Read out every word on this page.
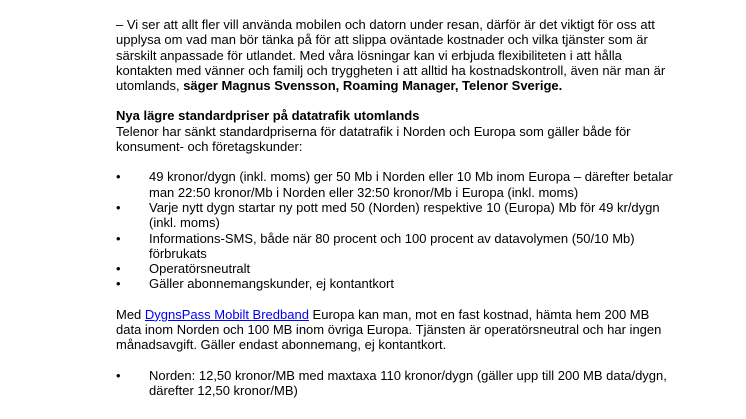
– Vi ser att allt fler vill använda mobilen och datorn under resan, därför är det viktigt för oss att upplysa om vad man bör tänka på för att slippa oväntade kostnader och vilka tjänster som är särskilt anpassade för utlandet. Med våra lösningar kan vi erbjuda flexibiliteten i att hålla kontakten med vänner och familj och tryggheten i att alltid ha kostnadskontroll, även när man är utomlands, säger Magnus Svensson, Roaming Manager, Telenor Sverige.

Nya lägre standardpriser på datatrafik utomlands

Telenor har sänkt standardpriserna för datatrafik i Norden och Europa som gäller både för konsument- och företagskunder:

• 49 kronor/dygn (inkl. moms) ger 50 Mb i Norden eller 10 Mb inom Europa – därefter betalar man 22:50 kronor/Mb i Norden eller 32:50 kronor/Mb i Europa (inkl. moms)
• Varje nytt dygn startar ny pott med 50 (Norden) respektive 10 (Europa) Mb för 49 kr/dygn (inkl. moms)
• Informations-SMS, både när 80 procent och 100 procent av datavolymen (50/10 Mb) förbrukats
• Operatörsneutralt
• Gäller abonnemangskunder, ej kontantkort

Med DygnsPass Mobilt Bredband Europa kan man, mot en fast kostnad, hämta hem 200 MB data inom Norden och 100 MB inom övriga Europa. Tjänsten är operatörsneutral och har ingen månadsavgift. Gäller endast abonnemang, ej kontantkort.

• Norden: 12,50 kronor/MB med maxtaxa 110 kronor/dygn (gäller upp till 200 MB data/dygn, därefter 12,50 kronor/MB)
